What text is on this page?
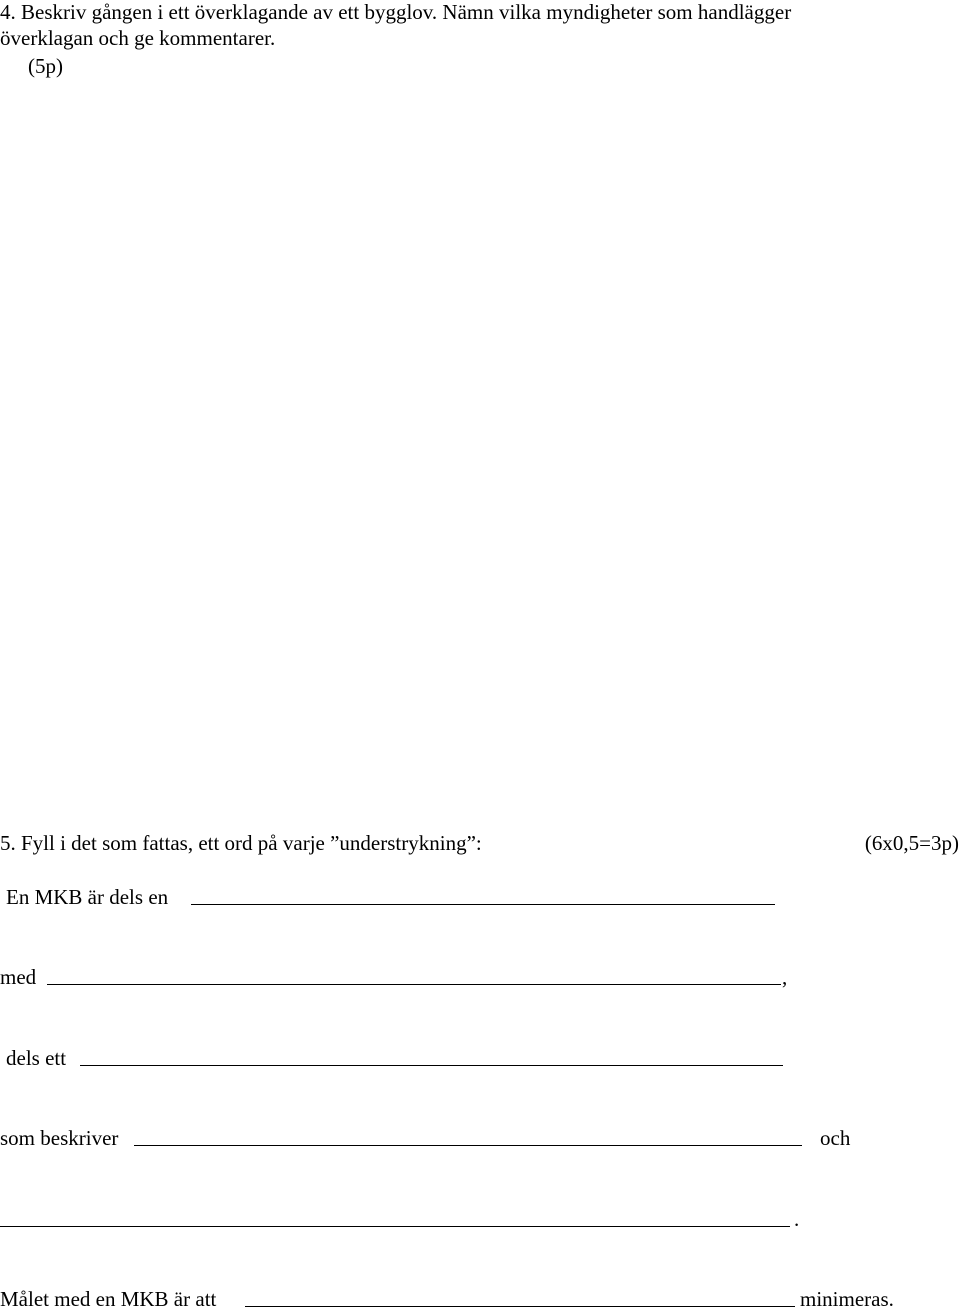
4. Beskriv gången i ett överklagande av ett bygglov. Nämn vilka myndigheter som handlägger
överklagan och ge kommentarer.
(5p)
5. Fyll i det som fattas, ett ord på varje ”understrykning”:	(6x0,5=3p)
En MKB är dels en
med	,
dels ett
som beskriver	och
.
Målet med en MKB är att	minimeras.
